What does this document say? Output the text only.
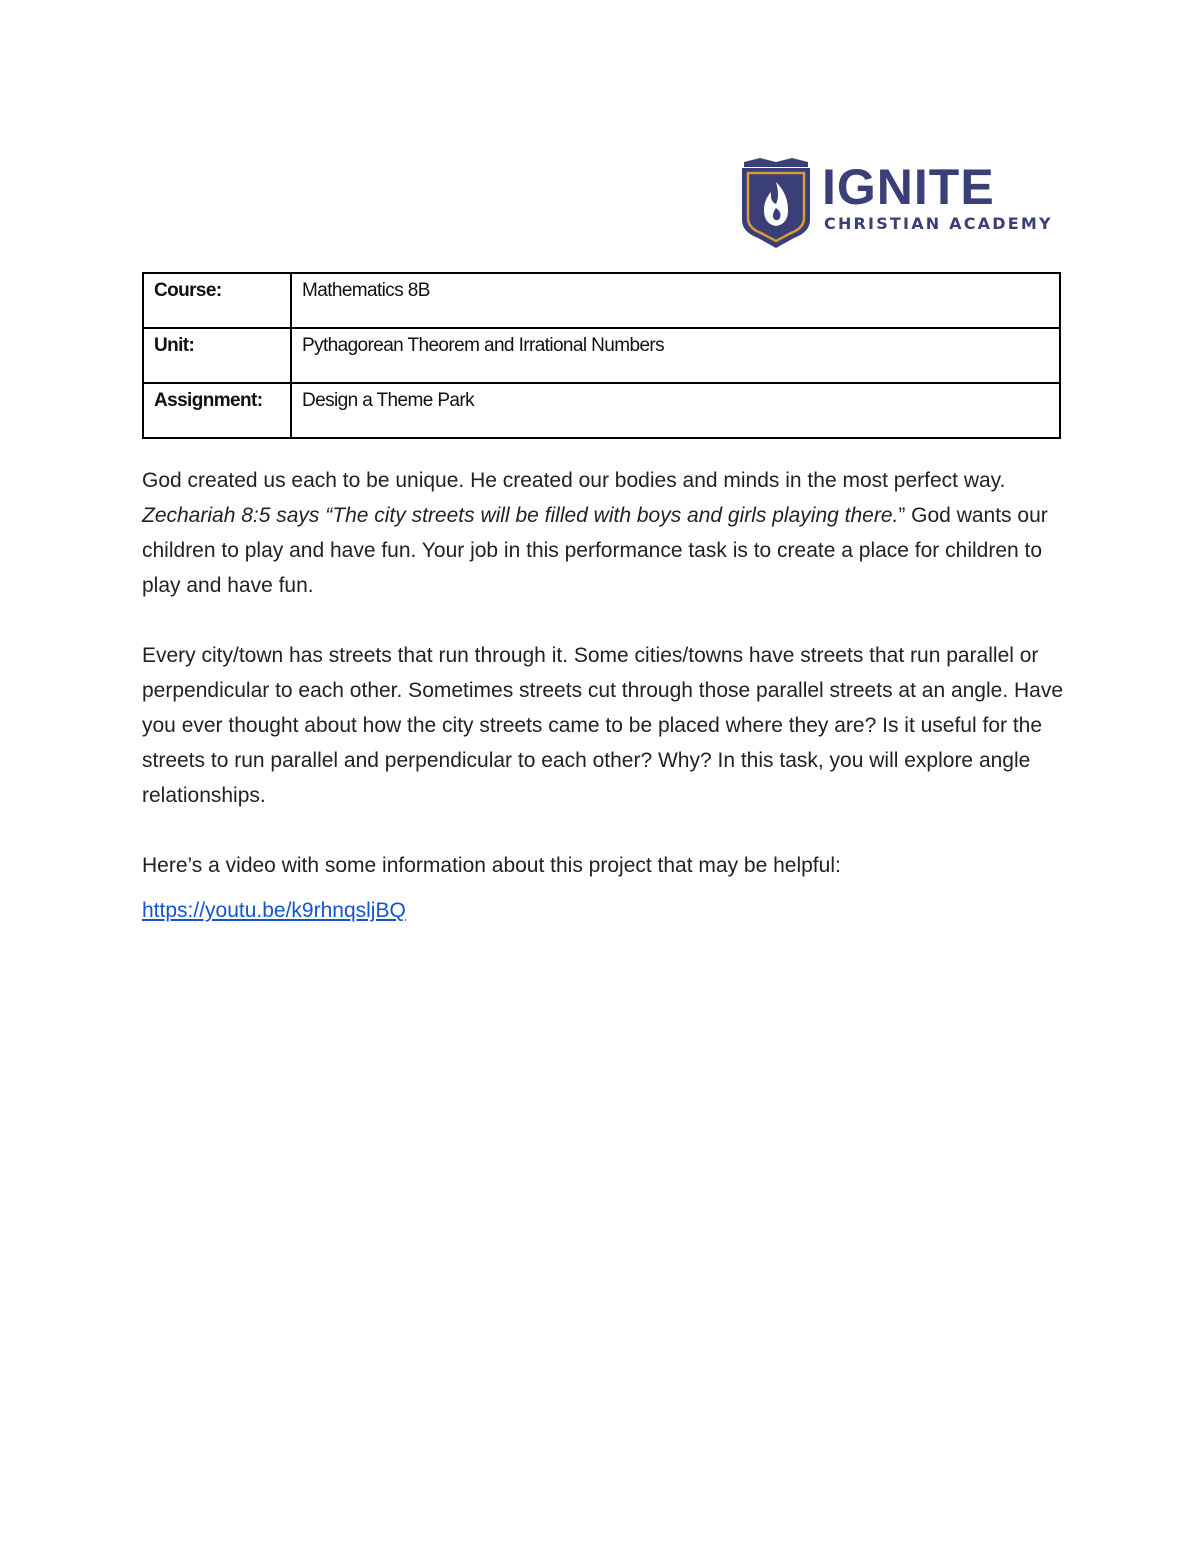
IGNITE
CHRISTIAN ACADEMY
Course:	Mathematics 8B
Unit:	Pythagorean Theorem and Irrational Numbers
Assignment:	Design a Theme Park

God created us each to be unique. He created our bodies and minds in the most perfect way. Zechariah 8:5 says “The city streets will be filled with boys and girls playing there.” God wants our children to play and have fun. Your job in this performance task is to create a place for children to play and have fun.

Every city/town has streets that run through it. Some cities/towns have streets that run parallel or perpendicular to each other. Sometimes streets cut through those parallel streets at an angle. Have you ever thought about how the city streets came to be placed where they are? Is it useful for the streets to run parallel and perpendicular to each other? Why? In this task, you will explore angle relationships.

Here’s a video with some information about this project that may be helpful:

https://youtu.be/k9rhnqsljBQ
